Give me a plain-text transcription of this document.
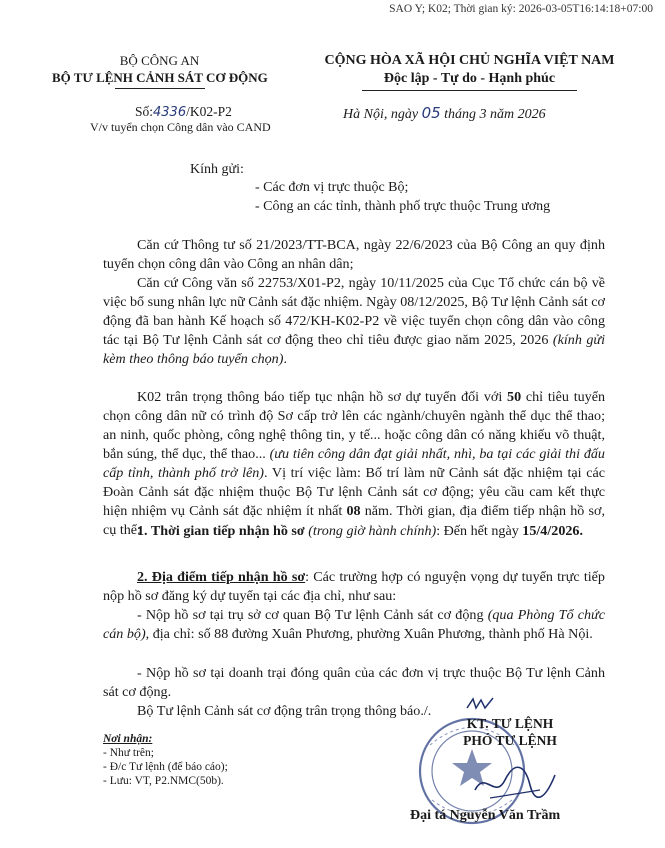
SAO Y; K02; Thời gian ký: 2026-03-05T16:14:18+07:00
BỘ CÔNG AN
BỘ TƯ LỆNH CẢNH SÁT CƠ ĐỘNG
CỘNG HÒA XÃ HỘI CHỦ NGHĨA VIỆT NAM
Độc lập - Tự do - Hạnh phúc
Số:4336/K02-P2
V/v tuyển chọn Công dân vào CAND
Hà Nội, ngày 05 tháng 3 năm 2026
Kính gửi:
- Các đơn vị trực thuộc Bộ;
- Công an các tỉnh, thành phố trực thuộc Trung ương
Căn cứ Thông tư số 21/2023/TT-BCA, ngày 22/6/2023 của Bộ Công an quy định tuyển chọn công dân vào Công an nhân dân;
Căn cứ Công văn số 22753/X01-P2, ngày 10/11/2025 của Cục Tổ chức cán bộ về việc bổ sung nhân lực nữ Cảnh sát đặc nhiệm. Ngày 08/12/2025, Bộ Tư lệnh Cảnh sát cơ động đã ban hành Kế hoạch số 472/KH-K02-P2 về việc tuyển chọn công dân vào công tác tại Bộ Tư lệnh Cảnh sát cơ động theo chỉ tiêu được giao năm 2025, 2026 (kính gửi kèm theo thông báo tuyển chọn).
K02 trân trọng thông báo tiếp tục nhận hồ sơ dự tuyển đối với 50 chỉ tiêu tuyển chọn công dân nữ có trình độ Sơ cấp trở lên các ngành/chuyên ngành thể dục thể thao; an ninh, quốc phòng, công nghệ thông tin, y tế... hoặc công dân có năng khiếu võ thuật, bắn súng, thể dục, thể thao... (ưu tiên công dân đạt giải nhất, nhì, ba tại các giải thi đấu cấp tỉnh, thành phố trở lên). Vị trí việc làm: Bố trí làm nữ Cảnh sát đặc nhiệm tại các Đoàn Cảnh sát đặc nhiệm thuộc Bộ Tư lệnh Cảnh sát cơ động; yêu cầu cam kết thực hiện nhiệm vụ Cảnh sát đặc nhiệm ít nhất 08 năm. Thời gian, địa điểm tiếp nhận hồ sơ, cụ thể:
1. Thời gian tiếp nhận hồ sơ (trong giờ hành chính): Đến hết ngày 15/4/2026.
2. Địa điểm tiếp nhận hồ sơ: Các trường hợp có nguyện vọng dự tuyển trực tiếp nộp hồ sơ đăng ký dự tuyển tại các địa chỉ, như sau:
- Nộp hồ sơ tại trụ sở cơ quan Bộ Tư lệnh Cảnh sát cơ động (qua Phòng Tổ chức cán bộ), địa chỉ: số 88 đường Xuân Phương, phường Xuân Phương, thành phố Hà Nội.
- Nộp hồ sơ tại doanh trại đóng quân của các đơn vị trực thuộc Bộ Tư lệnh Cảnh sát cơ động.
Bộ Tư lệnh Cảnh sát cơ động trân trọng thông báo./.
Nơi nhận:
- Như trên;
- Đ/c Tư lệnh (để báo cáo);
- Lưu: VT, P2.NMC(50b).
KT. TƯ LỆNH
PHÓ TƯ LỆNH
Đại tá Nguyễn Văn Trầm
